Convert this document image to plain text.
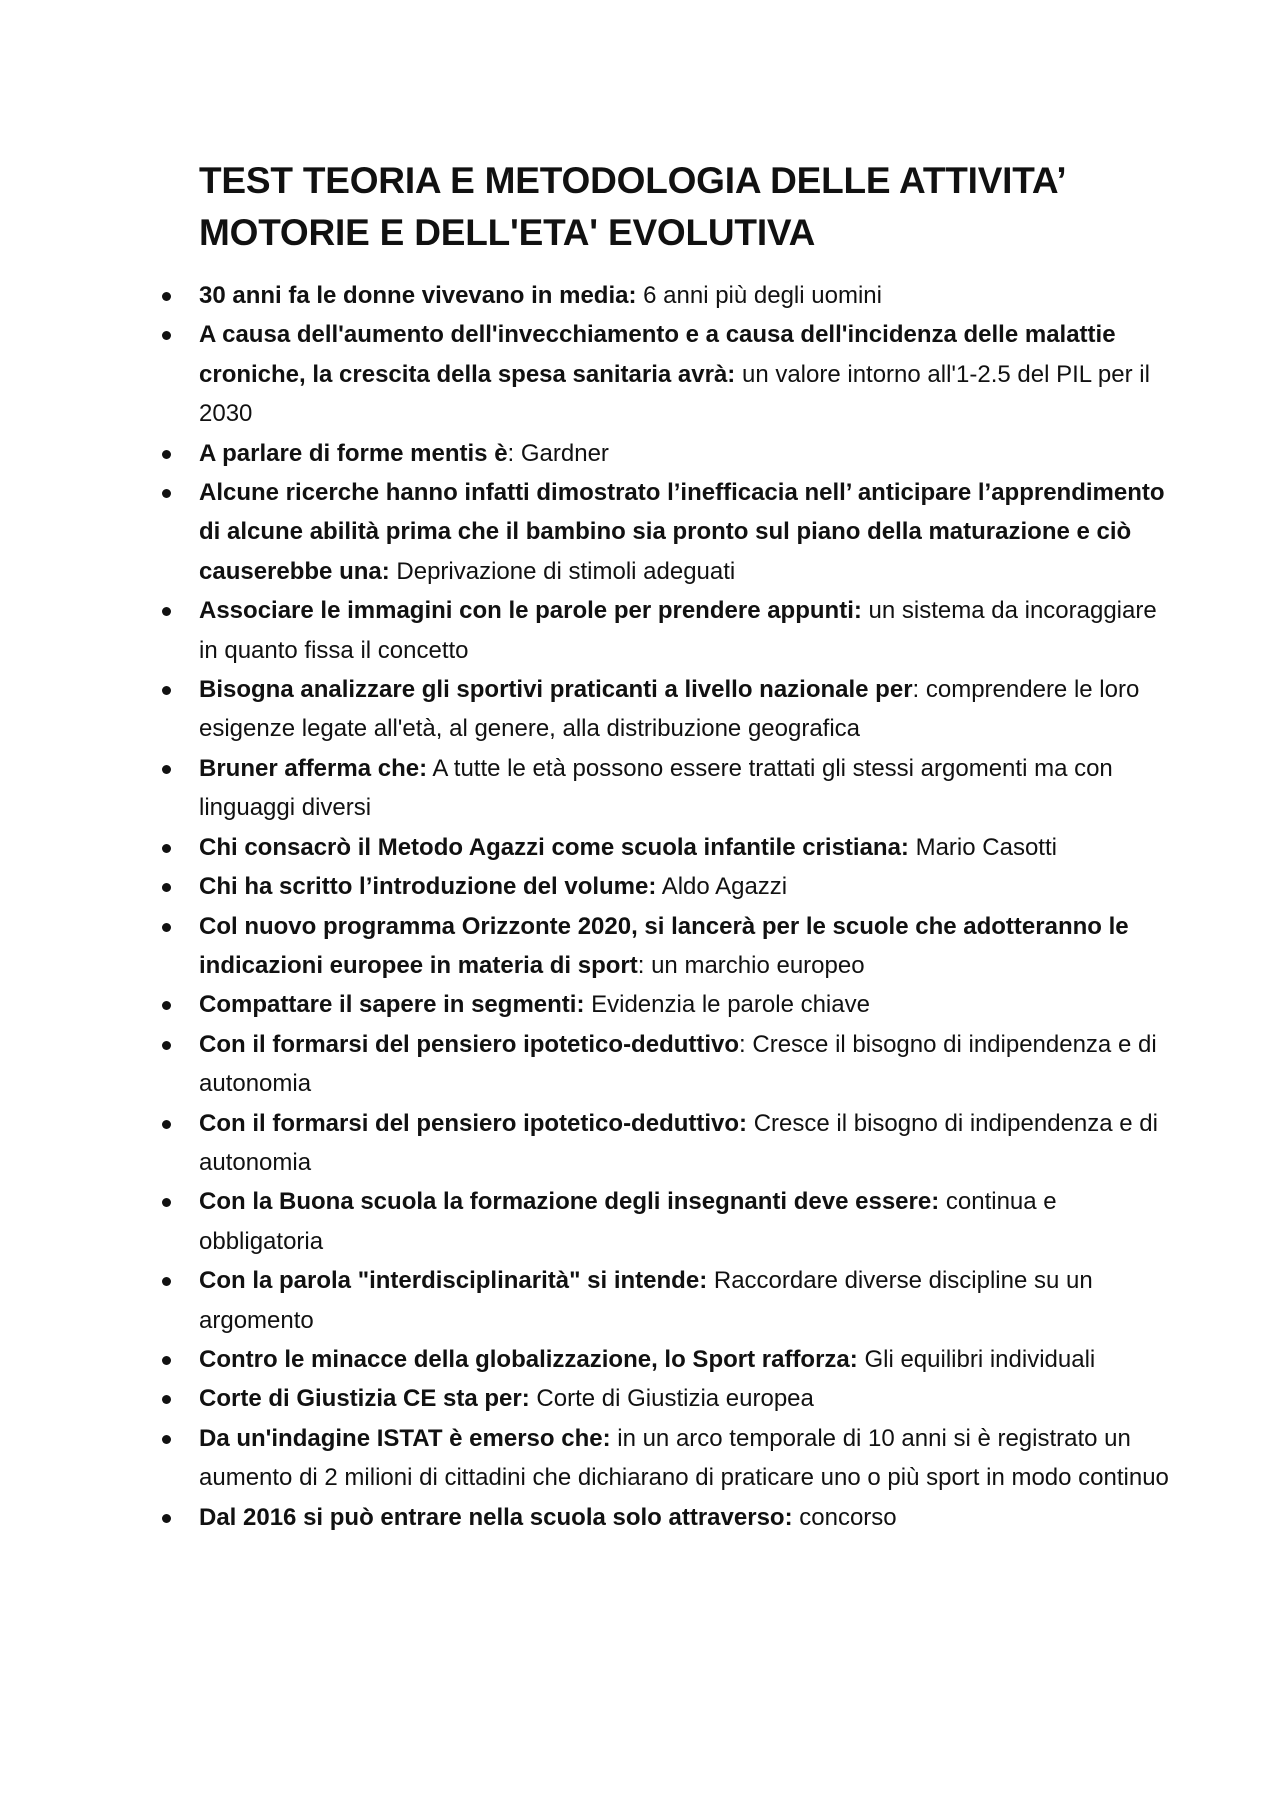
TEST TEORIA E METODOLOGIA DELLE ATTIVITA’ MOTORIE E DELL'ETA' EVOLUTIVA
30 anni fa le donne vivevano in media: 6 anni più degli uomini
A causa dell'aumento dell'invecchiamento e a causa dell'incidenza delle malattie croniche, la crescita della spesa sanitaria avrà: un valore intorno all'1-2.5 del PIL per il 2030
A parlare di forme mentis è: Gardner
Alcune ricerche hanno infatti dimostrato l’inefficacia nell’ anticipare l’apprendimento di alcune abilità prima che il bambino sia pronto sul piano della maturazione e ciò causerebbe una: Deprivazione di stimoli adeguati
Associare le immagini con le parole per prendere appunti: un sistema da incoraggiare in quanto fissa il concetto
Bisogna analizzare gli sportivi praticanti a livello nazionale per: comprendere le loro esigenze legate all'età, al genere, alla distribuzione geografica
Bruner afferma che: A tutte le età possono essere trattati gli stessi argomenti ma con linguaggi diversi
Chi consacrò il Metodo Agazzi come scuola infantile cristiana: Mario Casotti
Chi ha scritto l’introduzione del volume: Aldo Agazzi
Col nuovo programma Orizzonte 2020, si lancerà per le scuole che adotteranno le indicazioni europee in materia di sport: un marchio europeo
Compattare il sapere in segmenti: Evidenzia le parole chiave
Con il formarsi del pensiero ipotetico-deduttivo: Cresce il bisogno di indipendenza e di autonomia
Con il formarsi del pensiero ipotetico-deduttivo: Cresce il bisogno di indipendenza e di autonomia
Con la Buona scuola la formazione degli insegnanti deve essere: continua e obbligatoria
Con la parola "interdisciplinarità" si intende: Raccordare diverse discipline su un argomento
Contro le minacce della globalizzazione, lo Sport rafforza: Gli equilibri individuali
Corte di Giustizia CE sta per: Corte di Giustizia europea
Da un'indagine ISTAT è emerso che: in un arco temporale di 10 anni si è registrato un aumento di 2 milioni di cittadini che dichiarano di praticare uno o più sport in modo continuo
Dal 2016 si può entrare nella scuola solo attraverso: concorso
